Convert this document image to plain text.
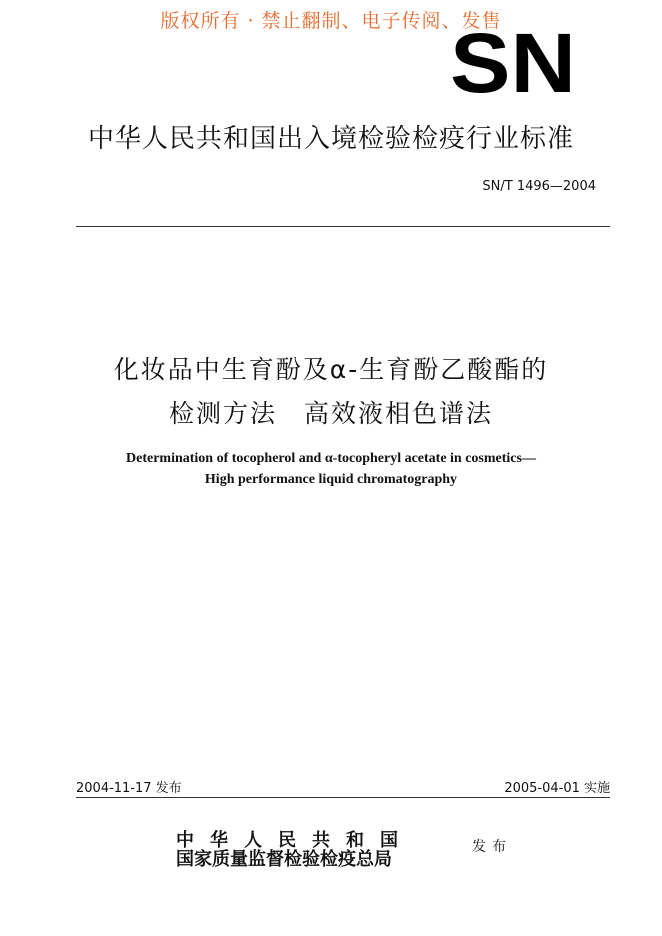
版权所有 · 禁止翻制、电子传阅、发售
SN
中华人民共和国出入境检验检疫行业标准
SN/T 1496—2004
化妆品中生育酚及α-生育酚乙酸酯的
检测方法　高效液相色谱法
Determination of tocopherol and α-tocopheryl acetate in cosmetics—
High performance liquid chromatography
2004-11-17 发布	2005-04-01 实施
中华人民共和国
国家质量监督检验检疫总局
发布
